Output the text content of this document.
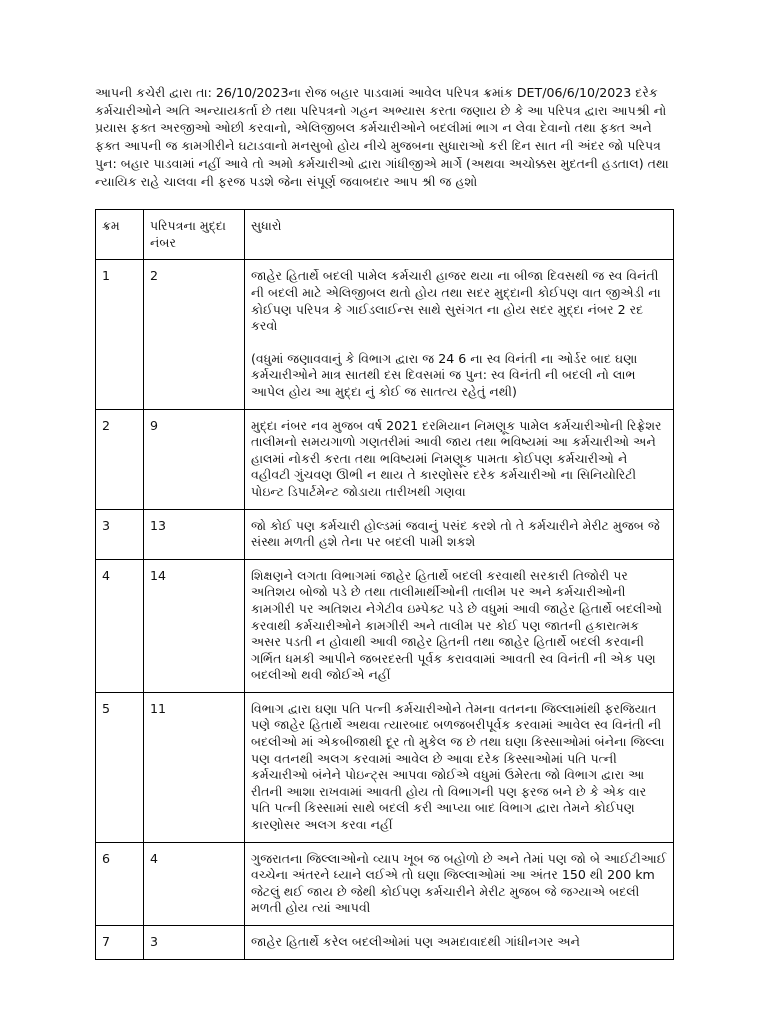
આપની કચેરી દ્વારા તા: 26/10/2023ના રોજ બહાર પાડવામાં આવેલ પરિપત્ર ક્રમાંક DET/06/6/10/2023 દરેક કર્મચારીઓને અતિ અન્યાયકર્તા છે તથા પરિપત્રનો ગહન અભ્યાસ કરતા જણાય છે કે આ પરિપત્ર દ્વારા આપશ્રી નો પ્રયાસ ફક્ત અરજીઓ ઓછી કરવાનો, એલિજીબલ કર્મચારીઓને બદલીમાં ભાગ ન લેવા દેવાનો તથા ફક્ત અને ફક્ત આપની જ કામગીરીને ઘટાડવાનો મનસુબો હોય નીચે મુજબના સુધારાઓ કરી દિન સાત ની અંદર જો પરિપત્ર પુન: બહાર પાડવામાં નહીં આવે તો અમો કર્મચારીઓ દ્વારા ગાંધીજીએ માર્ગે (અથવા અચોક્કસ મુદતની હડતાલ) તથા ન્યાયિક રાહે ચાલવા ની ફરજ પડશે જેના સંપૂર્ણ જવાબદાર આપ શ્રી જ હશો

ક્રમ	પરિપત્રના મુદ્દા નંબર	સુધારો
1	2	જાહેર હિતાર્થે બદલી પામેલ કર્મચારી હાજર થયા ના બીજા દિવસથી જ સ્વ વિનંતી ની બદલી માટે એલિજીબલ થતો હોય તથા સદર મુદ્દાની કોઈપણ વાત જીએડી ના કોઈપણ પરિપત્ર કે ગાઈડલાઈન્સ સાથે સુસંગત ના હોય સદર મુદ્દા નંબર 2 રદ કરવો
(વધુમાં જણાવવાનું કે વિભાગ દ્વારા જ 24 6 ના સ્વ વિનંતી ના ઓર્ડર બાદ ઘણા કર્મચારીઓને માત્ર સાતથી દસ દિવસમાં જ પુન: સ્વ વિનંતી ની બદલી નો લાભ આપેલ હોય આ મુદ્દા નું કોઈ જ સાતત્ય રહેતું નથી)

2	9	મુદ્દા નંબર નવ મુજબ વર્ષ 2021 દરમિયાન નિમણૂક પામેલ કર્મચારીઓની રિફ્રેશર તાલીમનો સમયગાળો ગણતરીમાં આવી જાય તથા ભવિષ્યમાં આ કર્મચારીઓ અને હાલમાં નોકરી કરતા તથા ભવિષ્યમાં નિમણૂક પામતા કોઈપણ કર્મચારીઓ ને વહીવટી ગુંચવણ ઊભી ન થાય તે કારણોસર દરેક કર્મચારીઓ ના સિનિયોરિટી પોઇન્ટ ડિપાર્ટમેન્ટ જોડાયા તારીખથી ગણવા
3	13	જો કોઈ પણ કર્મચારી હોલ્ડમાં જવાનું પસંદ કરશે તો તે કર્મચારીને મેરીટ મુજબ જે સંસ્થા મળતી હશે તેના પર બદલી પામી શકશે
4	14	શિક્ષણને લગતા વિભાગમાં જાહેર હિતાર્થે બદલી કરવાથી સરકારી તિજોરી પર અતિશય બોજો પડે છે તથા તાલીમાર્થીઓની તાલીમ પર અને કર્મચારીઓની કામગીરી પર અતિશય નેગેટીવ ઇમ્પેક્ટ પડે છે વધુમાં આવી જાહેર હિતાર્થે બદલીઓ કરવાથી કર્મચારીઓને કામગીરી અને તાલીમ પર કોઈ પણ જાતની હકારાત્મક અસર પડતી ન હોવાથી આવી જાહેર હિતની તથા જાહેર હિતાર્થે બદલી કરવાની ગર્ભિત ધમકી આપીને જબરદસ્તી પૂર્વક કરાવવામાં આવતી સ્વ વિનંતી ની એક પણ બદલીઓ થવી જોઈએ નહીં
5	11	વિભાગ દ્વારા ઘણા પતિ પત્ની કર્મચારીઓને તેમના વતનના જિલ્લામાંથી ફરજિયાત પણે જાહેર હિતાર્થે અથવા ત્યારબાદ બળજબરીપૂર્વક કરવામાં આવેલ સ્વ વિનંતી ની બદલીઓ માં એકબીજાથી દૂર તો મુકેલ જ છે તથા ઘણા કિસ્સાઓમાં બંનેના જિલ્લા પણ વતનથી અલગ કરવામાં આવેલ છે આવા દરેક કિસ્સાઓમાં પતિ પત્ની કર્મચારીઓ બંનેને પોઇન્ટ્સ આપવા જોઈએ વધુમાં ઉમેરતા જો વિભાગ દ્વારા આ રીતની આશા રાખવામાં આવતી હોય તો વિભાગની પણ ફરજ બને છે કે એક વાર પતિ પત્ની કિસ્સામાં સાથે બદલી કરી આપ્યા બાદ વિભાગ દ્વારા તેમને કોઈપણ કારણોસર અલગ કરવા નહીં
6	4	ગુજરાતના જિલ્લાઓનો વ્યાપ ખૂબ જ બહોળો છે અને તેમાં પણ જો બે આઈટીઆઈ વચ્ચેના અંતરને ધ્યાને લઈએ તો ઘણા જિલ્લાઓમાં આ અંતર 150 થી 200 km જેટલું થઈ જાય છે જેથી કોઈપણ કર્મચારીને મેરીટ મુજબ જે જગ્યાએ બદલી મળતી હોય ત્યાં આપવી
7	3	જાહેર હિતાર્થે કરેલ બદલીઓમાં પણ અમદાવાદથી ગાંધીનગર અને
